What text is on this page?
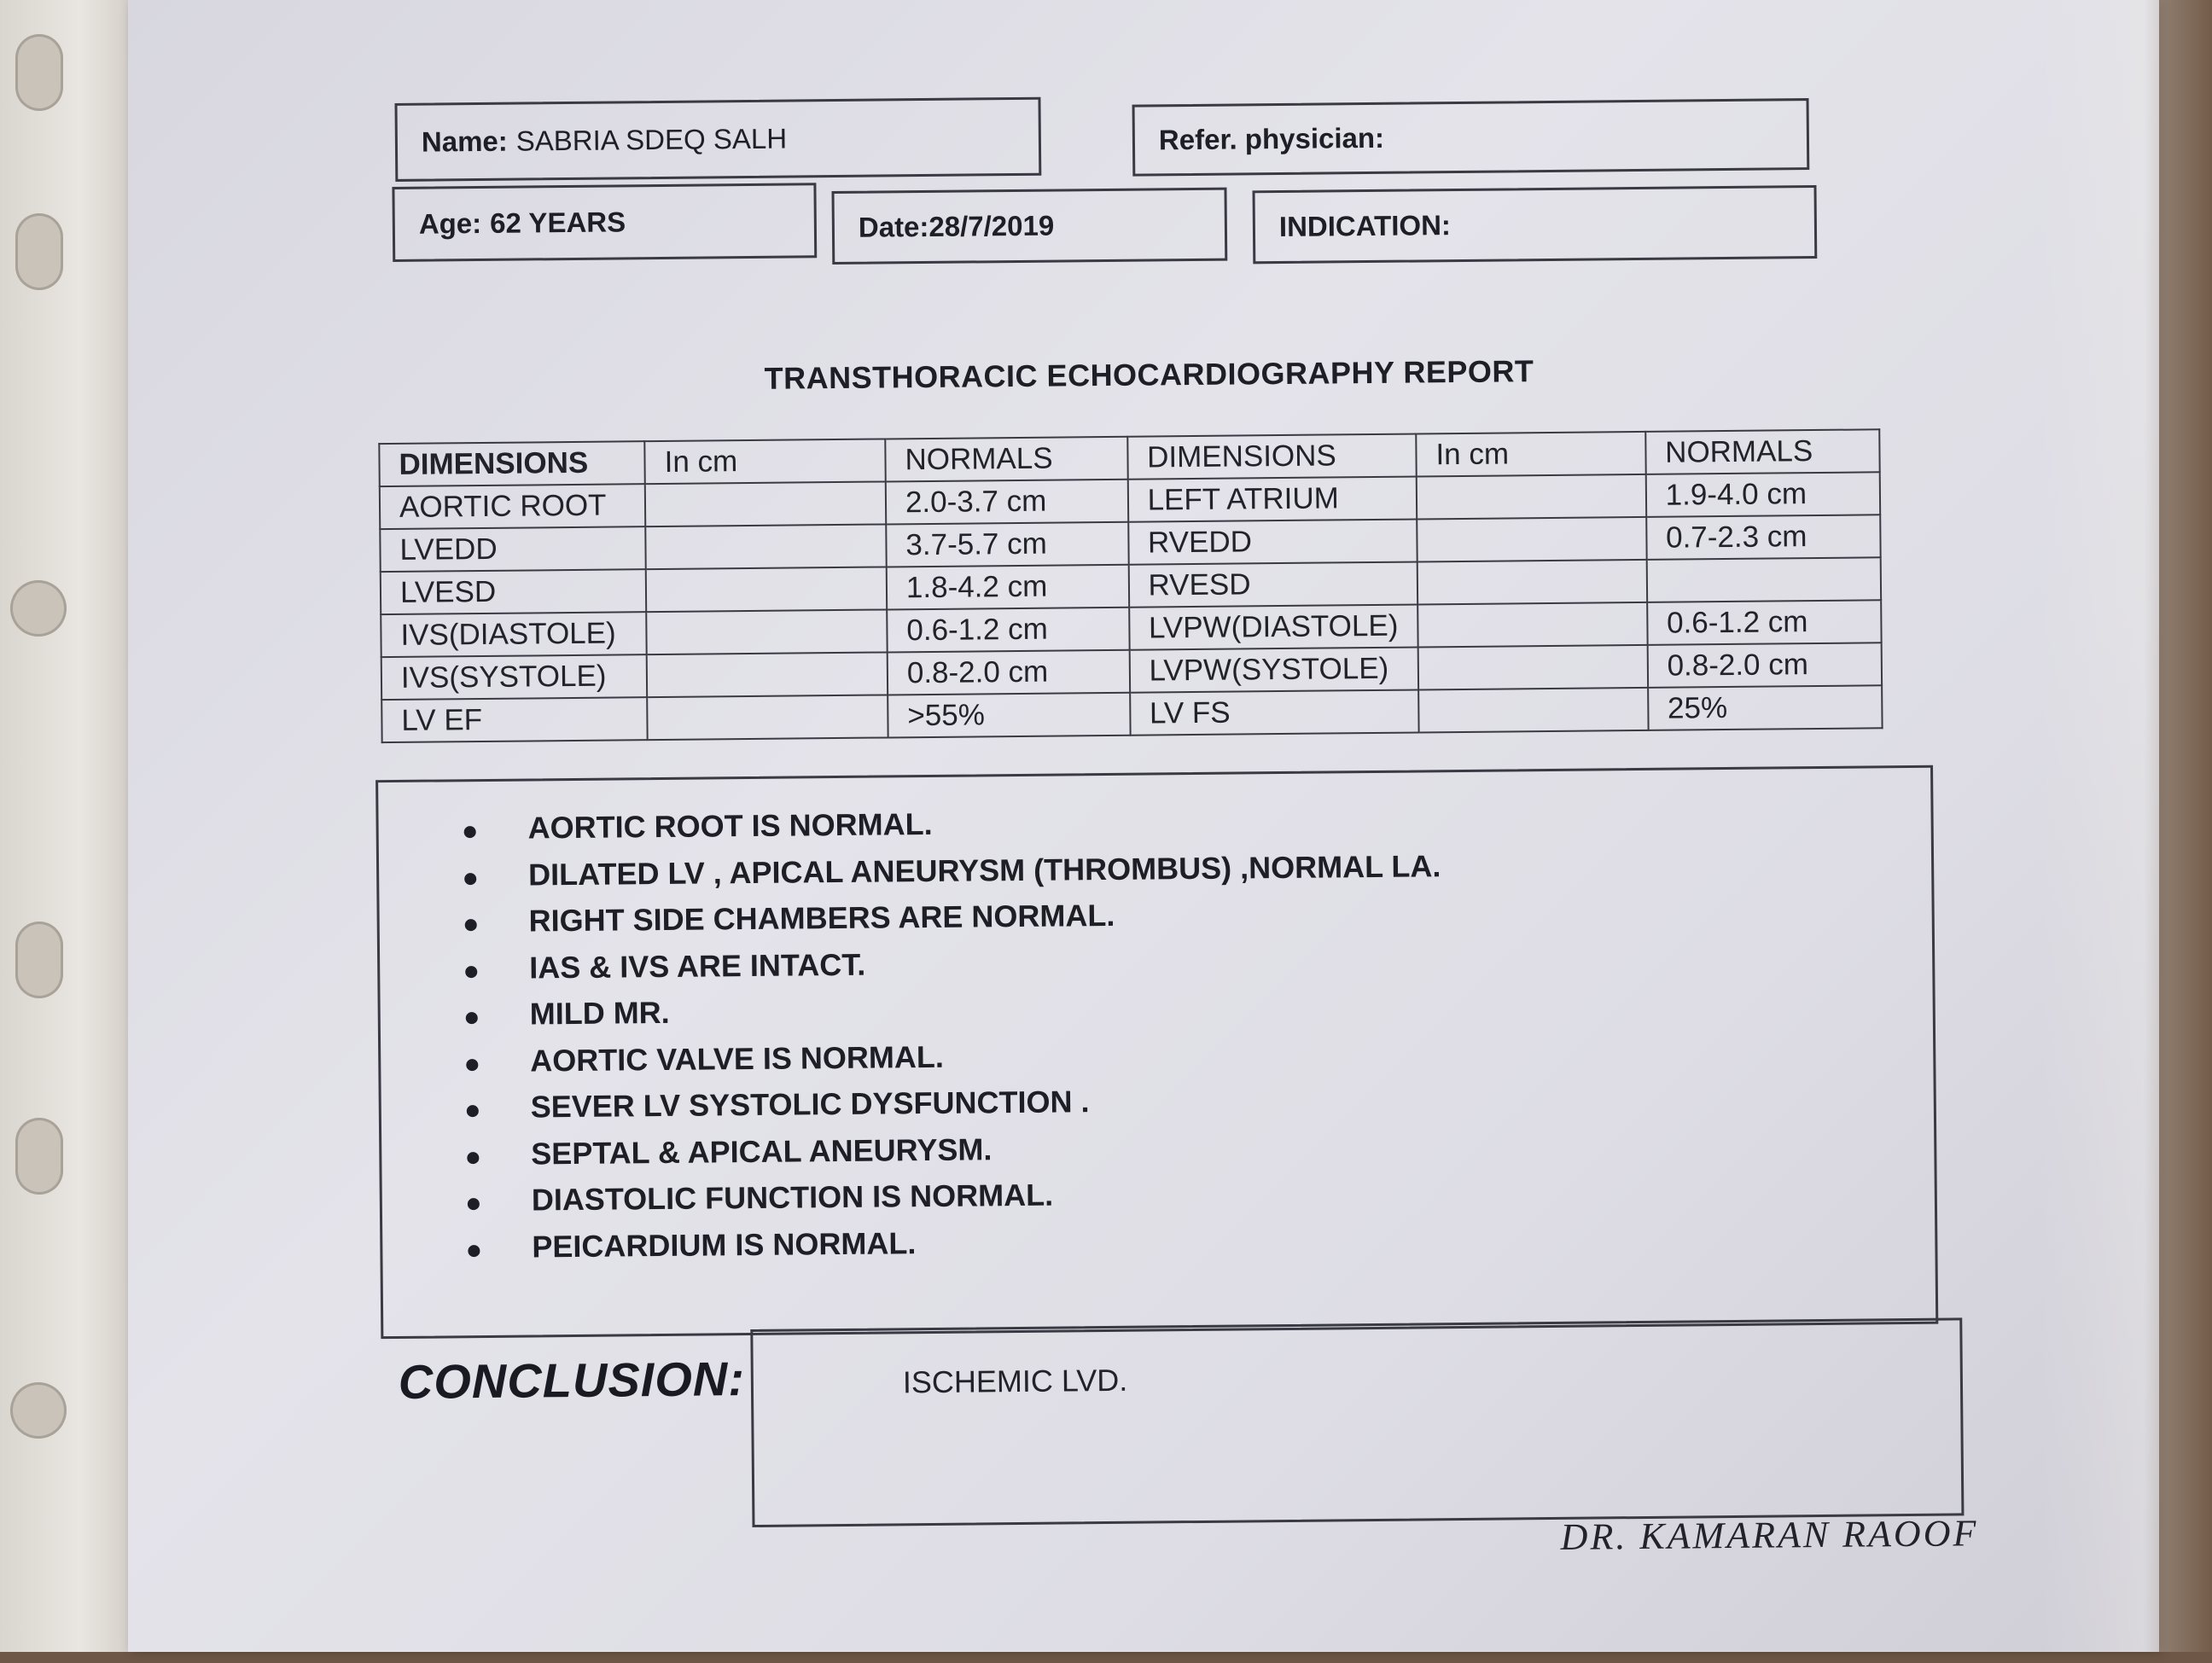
Name: SABRIA SDEQ SALH	Refer. physician:
Age: 62 YEARS	Date: 28/7/2019	INDICATION:
TRANSTHORACIC ECHOCARDIOGRAPHY REPORT
DIMENSIONS	In cm	NORMALS	DIMENSIONS	In cm	NORMALS
AORTIC ROOT		2.0-3.7 cm	LEFT ATRIUM		1.9-4.0 cm
LVEDD		3.7-5.7 cm	RVEDD		0.7-2.3 cm
LVESD		1.8-4.2 cm	RVESD		
IVS(DIASTOLE)		0.6-1.2 cm	LVPW(DIASTOLE)		0.6-1.2 cm
IVS(SYSTOLE)		0.8-2.0 cm	LVPW(SYSTOLE)		0.8-2.0 cm
LV EF		>55%	LV FS		25%
AORTIC ROOT IS NORMAL.
DILATED LV , APICAL ANEURYSM (THROMBUS) ,NORMAL LA.
RIGHT SIDE CHAMBERS ARE NORMAL.
IAS & IVS ARE INTACT.
MILD MR.
AORTIC VALVE IS NORMAL.
SEVER LV SYSTOLIC DYSFUNCTION .
SEPTAL & APICAL ANEURYSM.
DIASTOLIC FUNCTION IS NORMAL.
PEICARDIUM IS NORMAL.
CONCLUSION:	ISCHEMIC LVD.
DR. KAMARAN RAOOF
